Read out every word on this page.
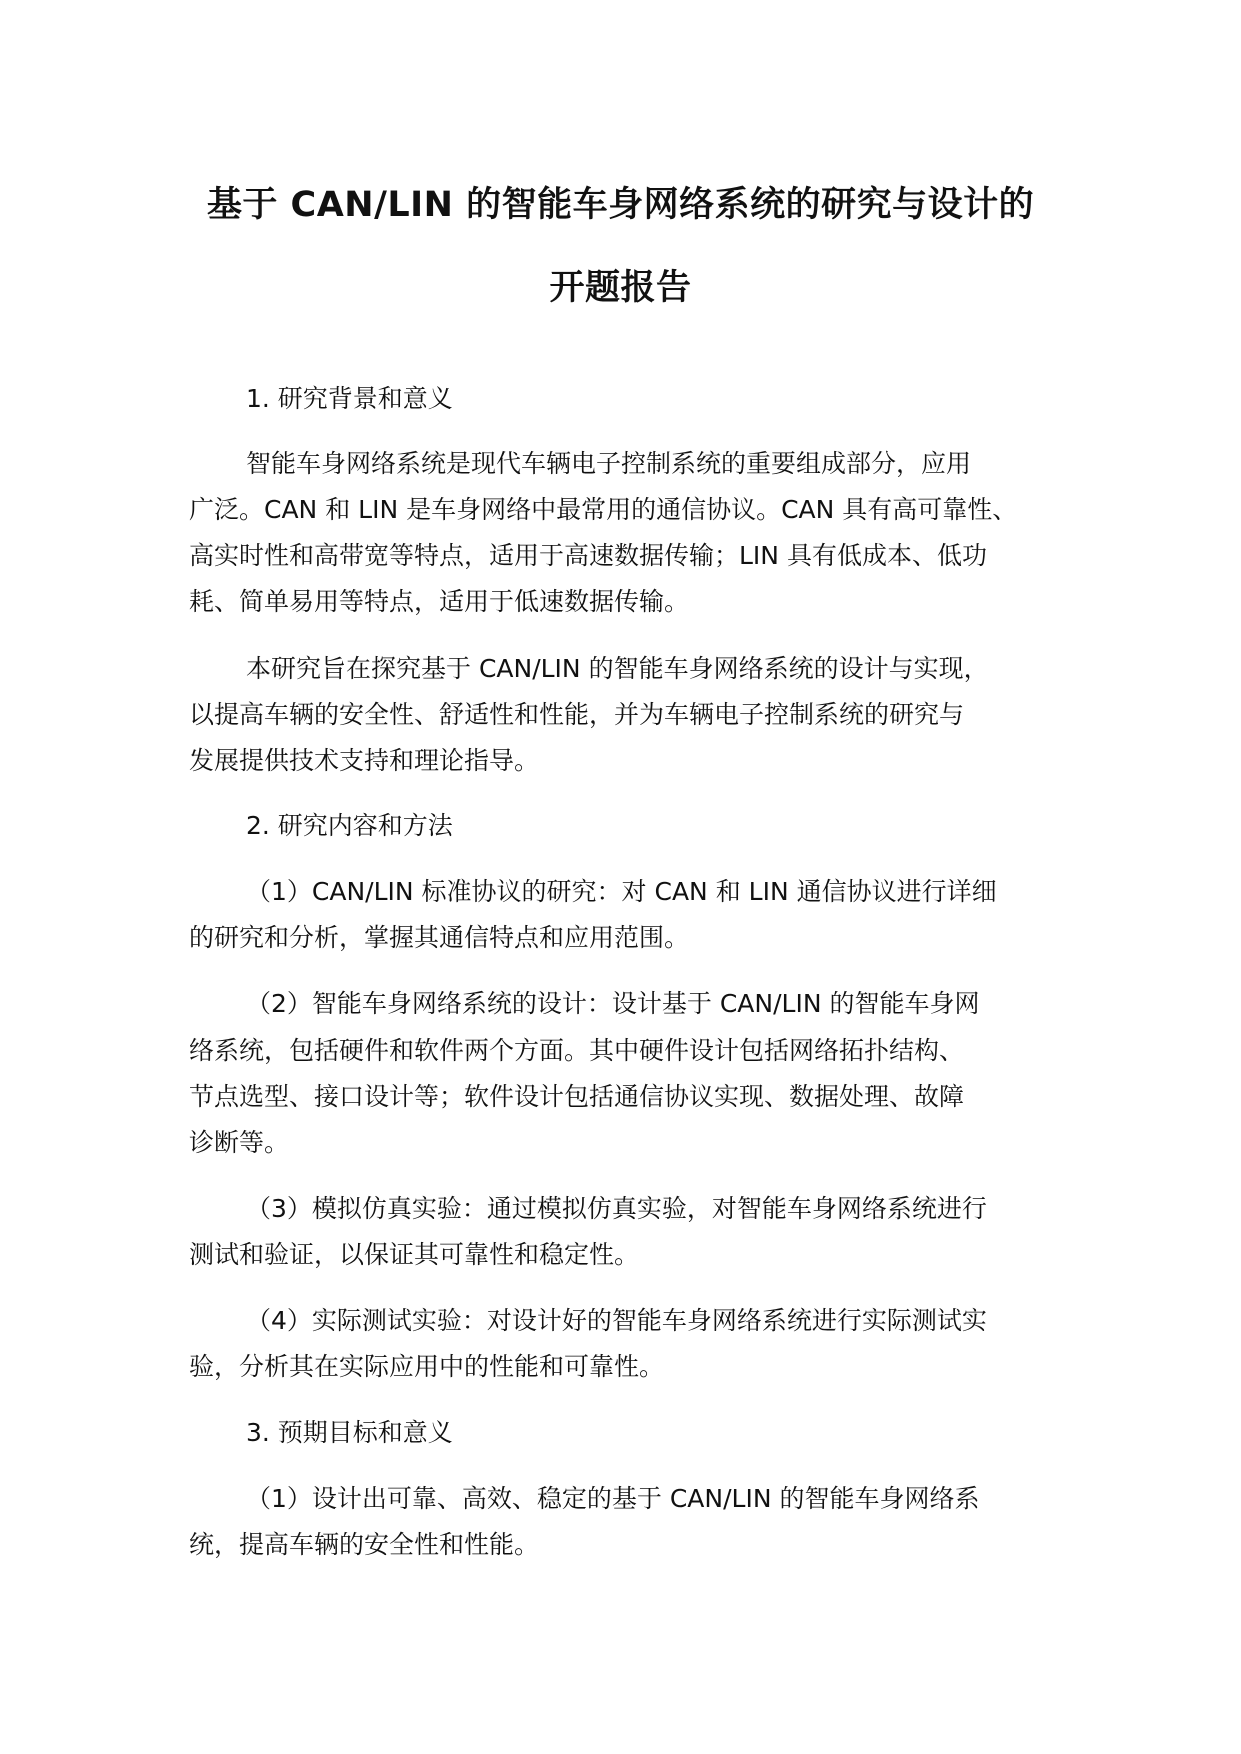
基于 CAN/LIN 的智能车身网络系统的研究与设计的
开题报告

1. 研究背景和意义

智能车身网络系统是现代车辆电子控制系统的重要组成部分，应用

广泛。CAN 和 LIN 是车身网络中最常用的通信协议。CAN 具有高可靠性、

高实时性和高带宽等特点，适用于高速数据传输；LIN 具有低成本、低功

耗、简单易用等特点，适用于低速数据传输。

本研究旨在探究基于 CAN/LIN 的智能车身网络系统的设计与实现，

以提高车辆的安全性、舒适性和性能，并为车辆电子控制系统的研究与

发展提供技术支持和理论指导。

2. 研究内容和方法

（1）CAN/LIN 标准协议的研究：对 CAN 和 LIN 通信协议进行详细

的研究和分析，掌握其通信特点和应用范围。

（2）智能车身网络系统的设计：设计基于 CAN/LIN 的智能车身网

络系统，包括硬件和软件两个方面。其中硬件设计包括网络拓扑结构、

节点选型、接口设计等；软件设计包括通信协议实现、数据处理、故障

诊断等。

（3）模拟仿真实验：通过模拟仿真实验，对智能车身网络系统进行

测试和验证，以保证其可靠性和稳定性。

（4）实际测试实验：对设计好的智能车身网络系统进行实际测试实

验，分析其在实际应用中的性能和可靠性。

3. 预期目标和意义

（1）设计出可靠、高效、稳定的基于 CAN/LIN 的智能车身网络系

统，提高车辆的安全性和性能。
